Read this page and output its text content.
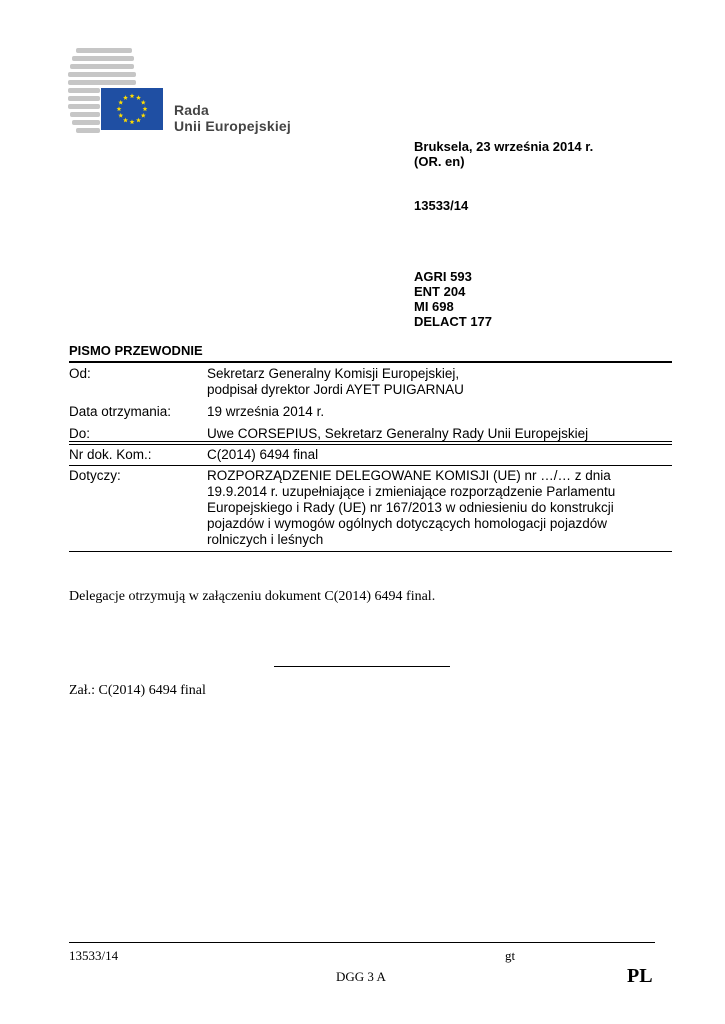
Rada
Unii Europejskiej
Bruksela, 23 września 2014 r.
(OR. en)
13533/14
AGRI 593
ENT 204
MI 698
DELACT 177
PISMO PRZEWODNIE
Od:	Sekretarz Generalny Komisji Europejskiej,
podpisał dyrektor Jordi AYET PUIGARNAU
Data otrzymania:	19 września 2014 r.
Do:	Uwe CORSEPIUS, Sekretarz Generalny Rady Unii Europejskiej
Nr dok. Kom.:	C(2014) 6494 final
Dotyczy:	ROZPORZĄDZENIE DELEGOWANE KOMISJI (UE) nr …/… z dnia
19.9.2014 r. uzupełniające i zmieniające rozporządzenie Parlamentu
Europejskiego i Rady (UE) nr 167/2013 w odniesieniu do konstrukcji
pojazdów i wymogów ogólnych dotyczących homologacji pojazdów
rolniczych i leśnych
Delegacje otrzymują w załączeniu dokument C(2014) 6494 final.
Zał.: C(2014) 6494 final
13533/14	gt
DGG 3 A	PL
